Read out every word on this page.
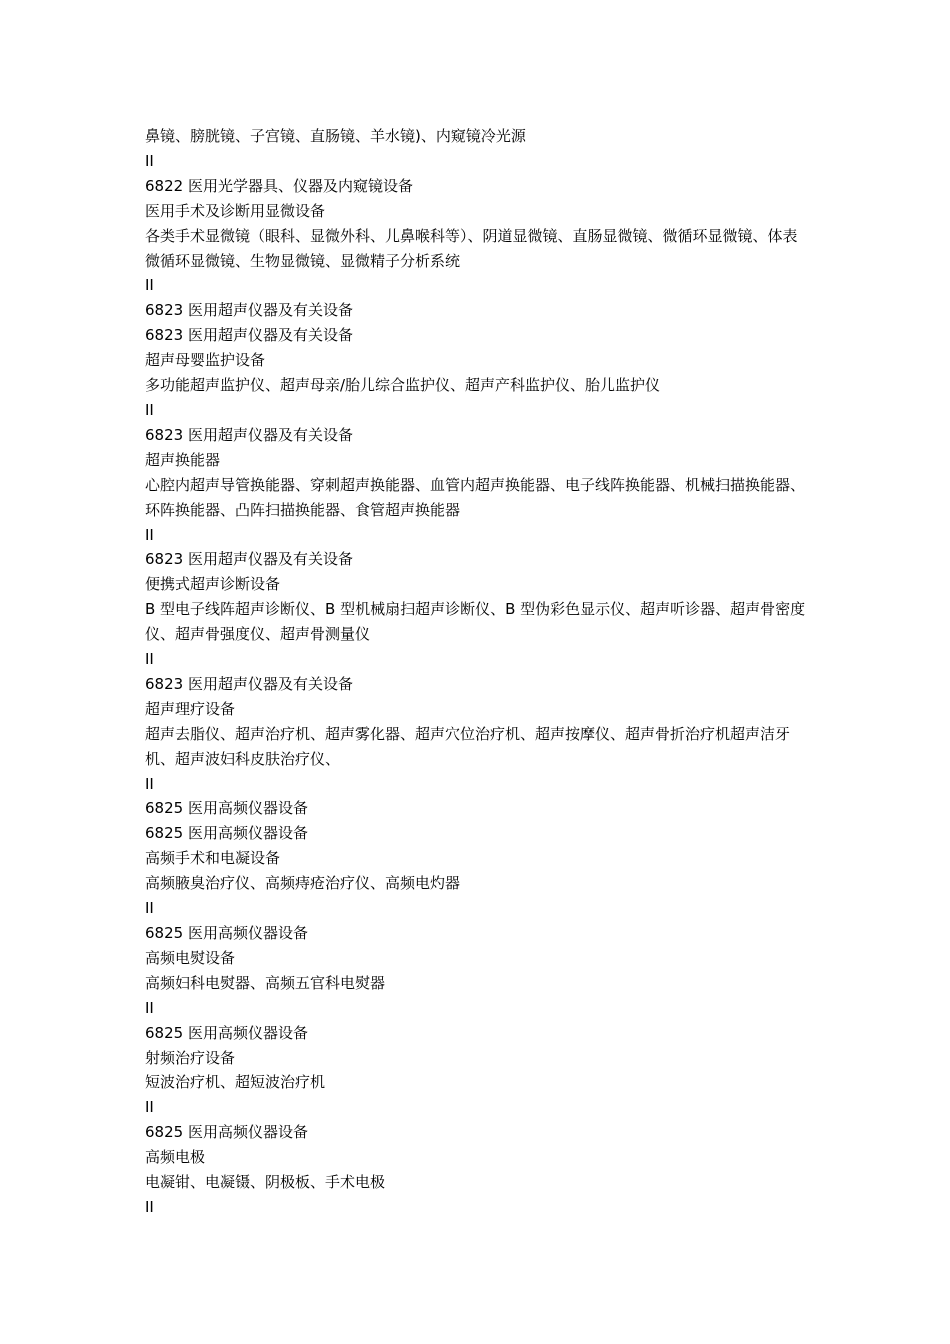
鼻镜、膀胱镜、子宫镜、直肠镜、羊水镜)、内窥镜冷光源

II

6822 医用光学器具、仪器及内窥镜设备

医用手术及诊断用显微设备

各类手术显微镜（眼科、显微外科、儿鼻喉科等）、阴道显微镜、直肠显微镜、微循环显微镜、体表微循环显微镜、生物显微镜、显微精子分析系统

II

6823 医用超声仪器及有关设备

6823 医用超声仪器及有关设备

超声母婴监护设备

多功能超声监护仪、超声母亲/胎儿综合监护仪、超声产科监护仪、胎儿监护仪

II

6823 医用超声仪器及有关设备

超声换能器

心腔内超声导管换能器、穿刺超声换能器、血管内超声换能器、电子线阵换能器、机械扫描换能器、环阵换能器、凸阵扫描换能器、食管超声换能器

II

6823 医用超声仪器及有关设备

便携式超声诊断设备

B 型电子线阵超声诊断仪、B 型机械扇扫超声诊断仪、B 型伪彩色显示仪、超声听诊器、超声骨密度仪、超声骨强度仪、超声骨测量仪

II

6823 医用超声仪器及有关设备

超声理疗设备

超声去脂仪、超声治疗机、超声雾化器、超声穴位治疗机、超声按摩仪、超声骨折治疗机超声洁牙机、超声波妇科皮肤治疗仪、

II

6825 医用高频仪器设备

6825 医用高频仪器设备

高频手术和电凝设备

高频腋臭治疗仪、高频痔疮治疗仪、高频电灼器

II

6825 医用高频仪器设备

高频电熨设备

高频妇科电熨器、高频五官科电熨器

II

6825 医用高频仪器设备

射频治疗设备

短波治疗机、超短波治疗机

II

6825 医用高频仪器设备

高频电极

电凝钳、电凝镊、阴极板、手术电极

II
